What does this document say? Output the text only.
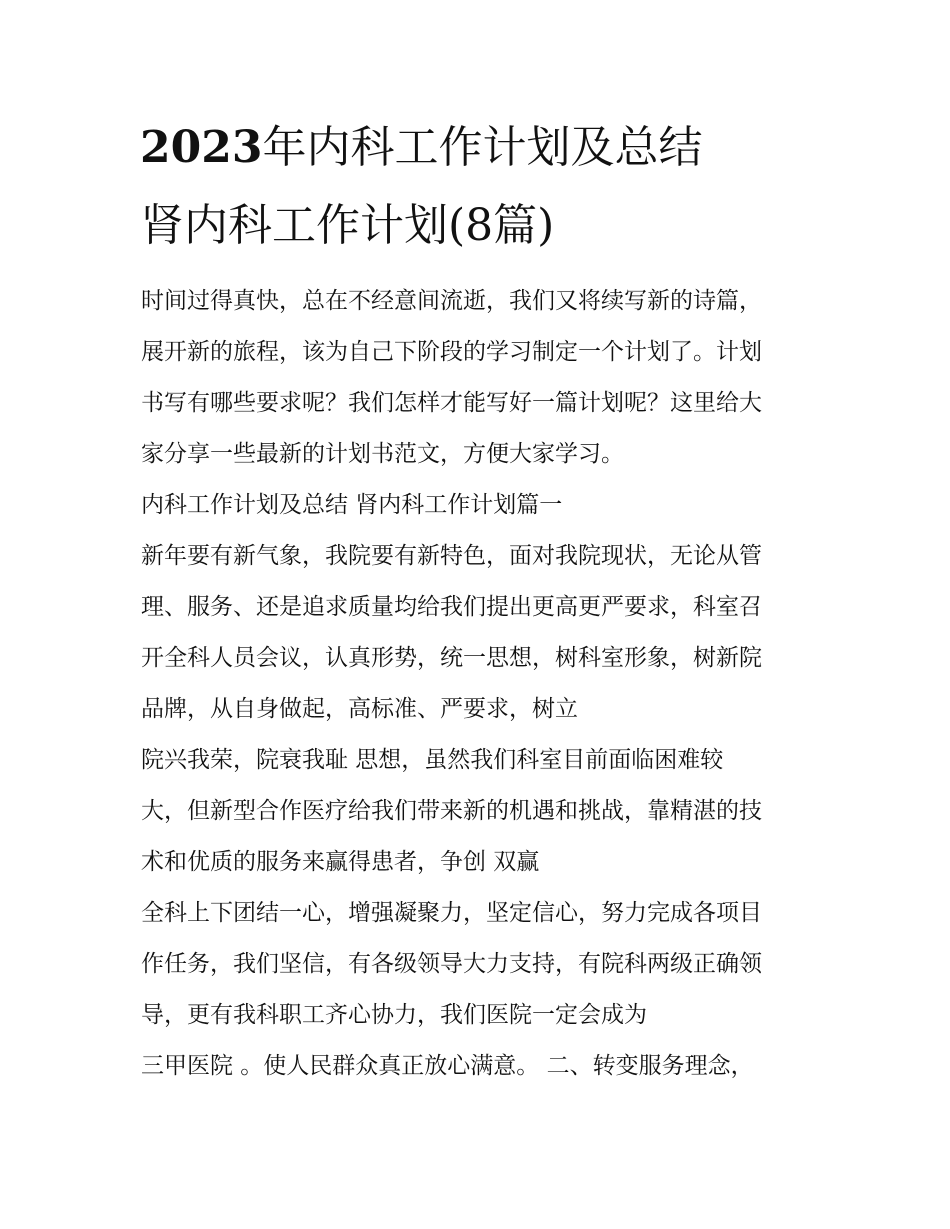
2023年内科工作计划及总结
肾内科工作计划(8篇)
时间过得真快，总在不经意间流逝，我们又将续写新的诗篇，
展开新的旅程，该为自己下阶段的学习制定一个计划了。计划
书写有哪些要求呢？我们怎样才能写好一篇计划呢？这里给大
家分享一些最新的计划书范文，方便大家学习。
内科工作计划及总结 肾内科工作计划篇一
新年要有新气象，我院要有新特色，面对我院现状，无论从管
理、服务、还是追求质量均给我们提出更高更严要求，科室召
开全科人员会议，认真形势，统一思想，树科室形象，树新院
品牌，从自身做起，高标准、严要求，树立
院兴我荣，院衰我耻 思想，虽然我们科室目前面临困难较
大，但新型合作医疗给我们带来新的机遇和挑战，靠精湛的技
术和优质的服务来赢得患者，争创 双赢
全科上下团结一心，增强凝聚力，坚定信心，努力完成各项目
作任务，我们坚信，有各级领导大力支持，有院科两级正确领
导，更有我科职工齐心协力，我们医院一定会成为
三甲医院 。使人民群众真正放心满意。 二、转变服务理念，
